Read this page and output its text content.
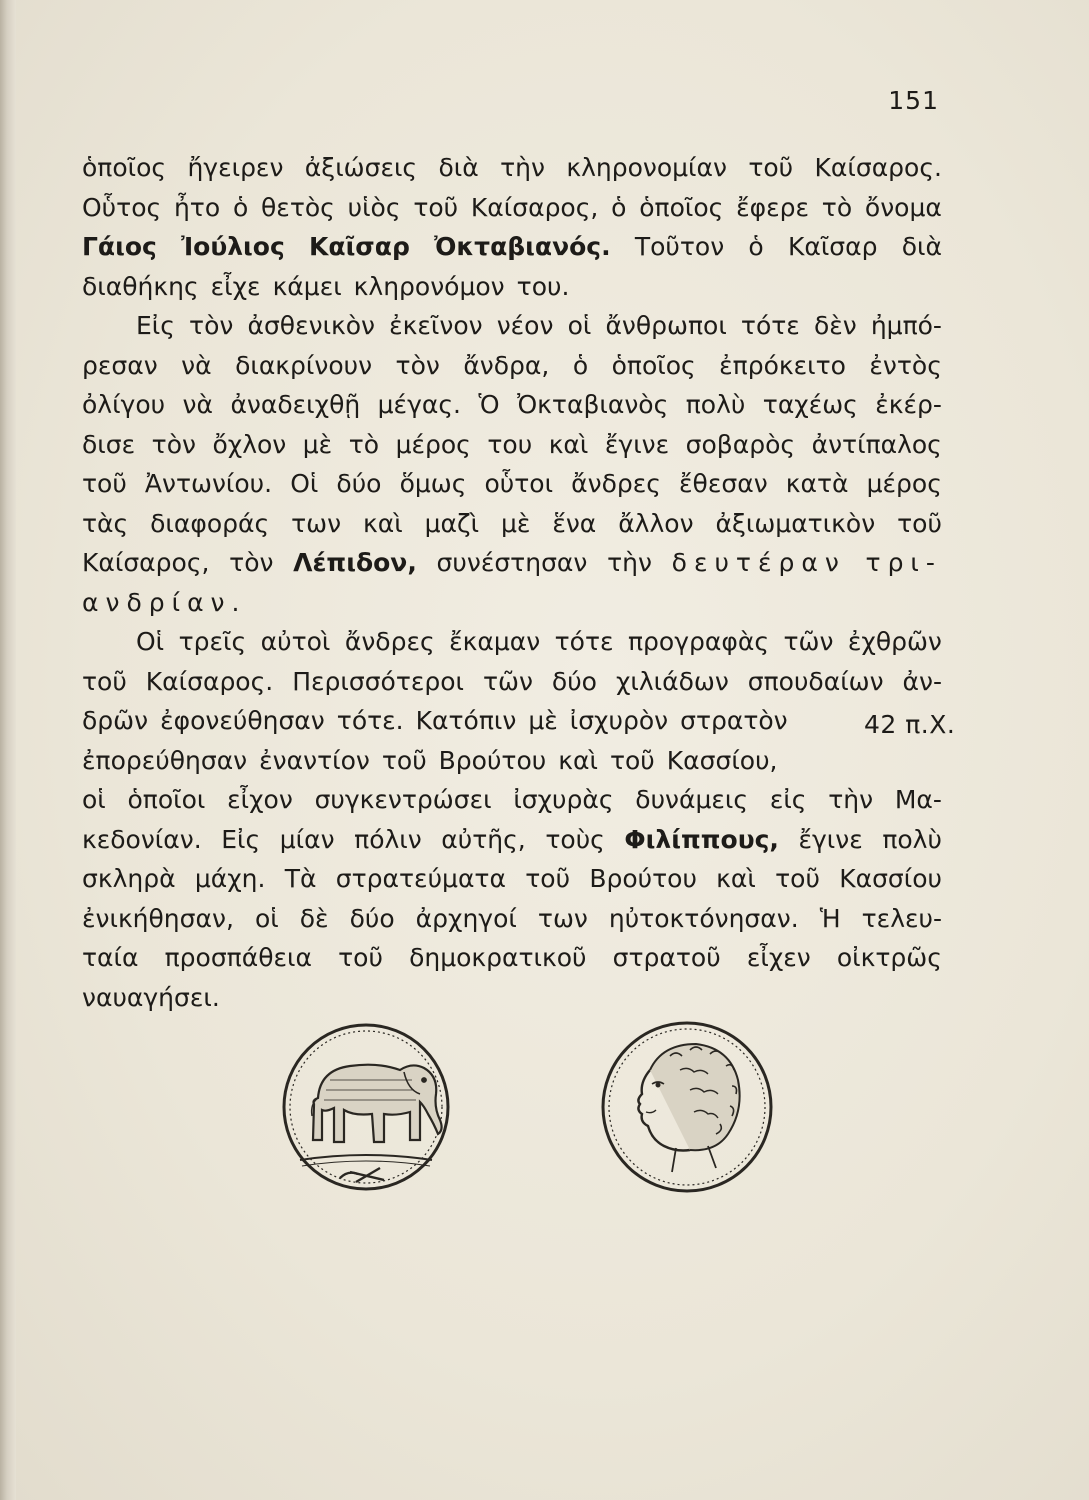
151
ὁποῖος ἤγειρεν ἀξιώσεις διὰ τὴν κληρονομίαν τοῦ Καίσαρος.
Οὗτος ἦτο ὁ θετὸς υἱὸς τοῦ Καίσαρος, ὁ ὁποῖος ἔφερε τὸ ὄνομα
Γάιος Ἰούλιος Καῖσαρ Ὀκταβιανός. Τοῦτον ὁ Καῖσαρ διὰ
διαθήκης εἶχε κάμει κληρονόμον του.
Εἰς τὸν ἀσθενικὸν ἐκεῖνον νέον οἱ ἄνθρωποι τότε δὲν ἠμπό-
ρεσαν νὰ διακρίνουν τὸν ἄνδρα, ὁ ὁποῖος ἐπρόκειτο ἐντὸς
ὀλίγου νὰ ἀναδειχθῇ μέγας. Ὁ Ὀκταβιανὸς πολὺ ταχέως ἐκέρ-
δισε τὸν ὄχλον μὲ τὸ μέρος του καὶ ἔγινε σοβαρὸς ἀντίπαλος
τοῦ Ἀντωνίου. Οἱ δύο ὅμως οὗτοι ἄνδρες ἔθεσαν κατὰ μέρος
τὰς διαφοράς των καὶ μαζὶ μὲ ἕνα ἄλλον ἀξιωματικὸν τοῦ
Καίσαρος, τὸν Λέπιδον, συνέστησαν τὴν δευτέραν τρι-
ανδρίαν.
Οἱ τρεῖς αὐτοὶ ἄνδρες ἔκαμαν τότε προγραφὰς τῶν ἐχθρῶν
τοῦ Καίσαρος. Περισσότεροι τῶν δύο χιλιάδων σπουδαίων ἀν-
δρῶν ἐφονεύθησαν τότε. Κατόπιν μὲ ἰσχυρὸν στρατὸν	42 π.Χ.
ἐπορεύθησαν ἐναντίον τοῦ Βρούτου καὶ τοῦ Κασσίου,
οἱ ὁποῖοι εἶχον συγκεντρώσει ἰσχυρὰς δυνάμεις εἰς τὴν Μα-
κεδονίαν. Εἰς μίαν πόλιν αὐτῆς, τοὺς Φιλίππους, ἔγινε πολὺ
σκληρὰ μάχη. Τὰ στρατεύματα τοῦ Βρούτου καὶ τοῦ Κασσίου
ἐνικήθησαν, οἱ δὲ δύο ἀρχηγοί των ηὐτοκτόνησαν. Ἡ τελευ-
ταία προσπάθεια τοῦ δημοκρατικοῦ στρατοῦ εἶχεν οἰκτρῶς
ναυαγήσει.
